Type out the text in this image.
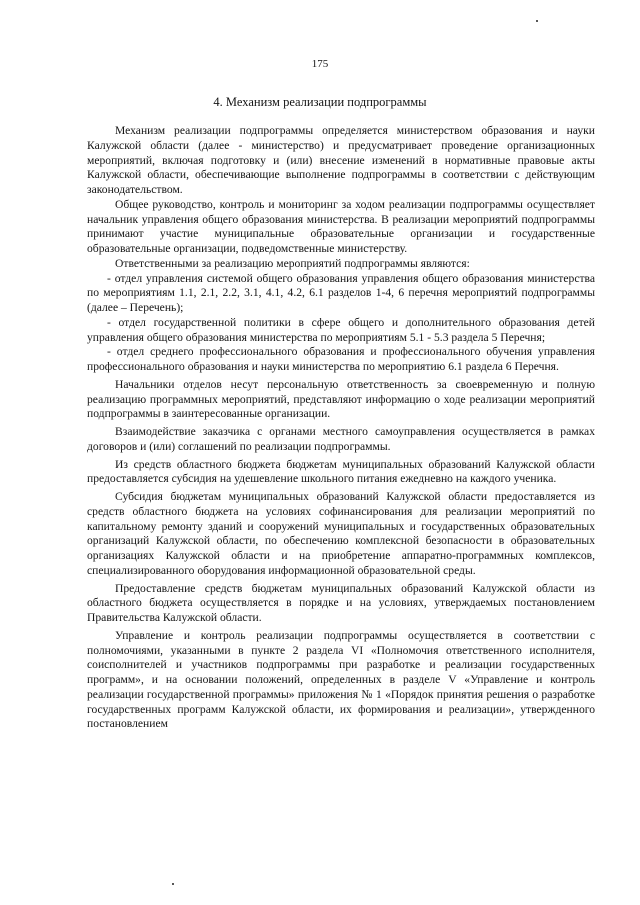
175
4. Механизм реализации подпрограммы

Механизм реализации подпрограммы определяется министерством образования и науки Калужской области (далее - министерство) и предусматривает проведение организационных мероприятий, включая подготовку и (или) внесение изменений в нормативные правовые акты Калужской области, обеспечивающие выполнение подпрограммы в соответствии с действующим законодательством.

Общее руководство, контроль и мониторинг за ходом реализации подпрограммы осуществляет начальник управления общего образования министерства. В реализации мероприятий подпрограммы принимают участие муниципальные образовательные организации и государственные образовательные организации, подведомственные министерству.

Ответственными за реализацию мероприятий подпрограммы являются:

- отдел управления системой общего образования управления общего образования министерства по мероприятиям 1.1, 2.1, 2.2, 3.1, 4.1, 4.2, 6.1 разделов 1-4, 6 перечня мероприятий подпрограммы (далее – Перечень);

- отдел государственной политики в сфере общего и дополнительного образования детей управления общего образования министерства по мероприятиям 5.1 - 5.3 раздела 5 Перечня;

- отдел среднего профессионального образования и профессионального обучения управления профессионального образования и науки министерства по мероприятию 6.1 раздела 6 Перечня.

Начальники отделов несут персональную ответственность за своевременную и полную реализацию программных мероприятий, представляют информацию о ходе реализации мероприятий подпрограммы в заинтересованные организации.

Взаимодействие заказчика с органами местного самоуправления осуществляется в рамках договоров и (или) соглашений по реализации подпрограммы.

Из средств областного бюджета бюджетам муниципальных образований Калужской области предоставляется субсидия на удешевление школьного питания ежедневно на каждого ученика.

Субсидия бюджетам муниципальных образований Калужской области предоставляется из средств областного бюджета на условиях софинансирования для реализации мероприятий по капитальному ремонту зданий и сооружений муниципальных и государственных образовательных организаций Калужской области, по обеспечению комплексной безопасности в образовательных организациях Калужской области и на приобретение аппаратно-программных комплексов, специализированного оборудования информационной образовательной среды.

Предоставление средств бюджетам муниципальных образований Калужской области из областного бюджета осуществляется в порядке и на условиях, утверждаемых постановлением Правительства Калужской области.

Управление и контроль реализации подпрограммы осуществляется в соответствии с полномочиями, указанными в пункте 2 раздела VI «Полномочия ответственного исполнителя, соисполнителей и участников подпрограммы при разработке и реализации государственных программ», и на основании положений, определенных в разделе V «Управление и контроль реализации государственной программы» приложения № 1 «Порядок принятия решения о разработке государственных программ Калужской области, их формирования и реализации», утвержденного постановлением
